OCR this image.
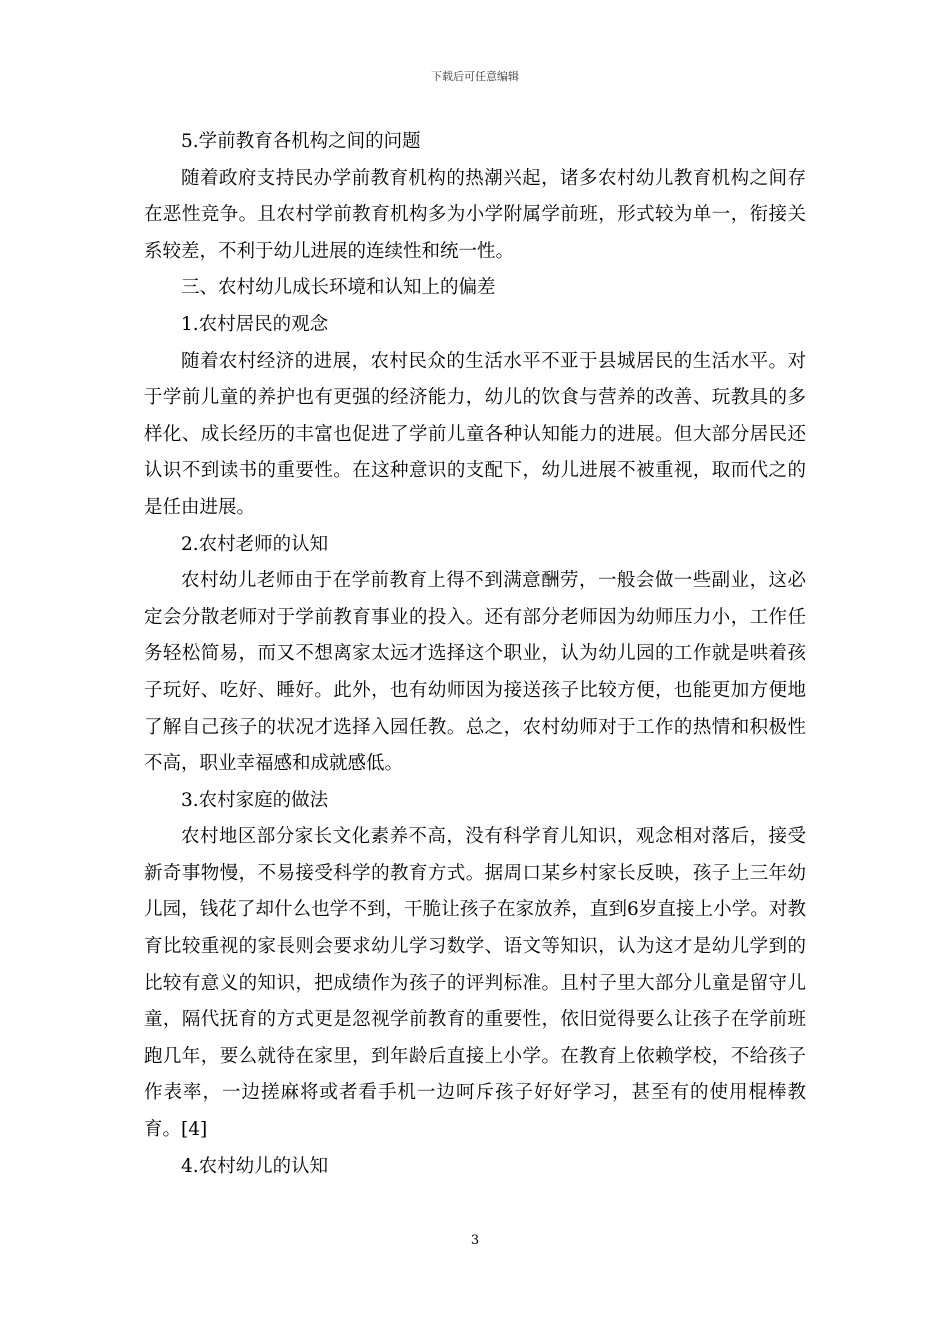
下载后可任意编辑

5.学前教育各机构之间的问题

随着政府支持民办学前教育机构的热潮兴起，诸多农村幼儿教育机构之间存在恶性竞争。且农村学前教育机构多为小学附属学前班，形式较为单一，衔接关系较差，不利于幼儿进展的连续性和统一性。

三、农村幼儿成长环境和认知上的偏差

1.农村居民的观念

随着农村经济的进展，农村民众的生活水平不亚于县城居民的生活水平。对于学前儿童的养护也有更强的经济能力，幼儿的饮食与营养的改善、玩教具的多样化、成长经历的丰富也促进了学前儿童各种认知能力的进展。但大部分居民还认识不到读书的重要性。在这种意识的支配下，幼儿进展不被重视，取而代之的是任由进展。

2.农村老师的认知

农村幼儿老师由于在学前教育上得不到满意酬劳，一般会做一些副业，这必定会分散老师对于学前教育事业的投入。还有部分老师因为幼师压力小，工作任务轻松简易，而又不想离家太远才选择这个职业，认为幼儿园的工作就是哄着孩子玩好、吃好、睡好。此外，也有幼师因为接送孩子比较方便，也能更加方便地了解自己孩子的状况才选择入园任教。总之，农村幼师对于工作的热情和积极性不高，职业幸福感和成就感低。

3.农村家庭的做法

农村地区部分家长文化素养不高，没有科学育儿知识，观念相对落后，接受新奇事物慢，不易接受科学的教育方式。据周口某乡村家长反映，孩子上三年幼儿园，钱花了却什么也学不到，干脆让孩子在家放养，直到6岁直接上小学。对教育比较重视的家長则会要求幼儿学习数学、语文等知识，认为这才是幼儿学到的比较有意义的知识，把成绩作为孩子的评判标准。且村子里大部分儿童是留守儿童，隔代抚育的方式更是忽视学前教育的重要性，依旧觉得要么让孩子在学前班跑几年，要么就待在家里，到年龄后直接上小学。在教育上依赖学校，不给孩子作表率，一边搓麻将或者看手机一边呵斥孩子好好学习，甚至有的使用棍棒教育。[4]

4.农村幼儿的认知

3
